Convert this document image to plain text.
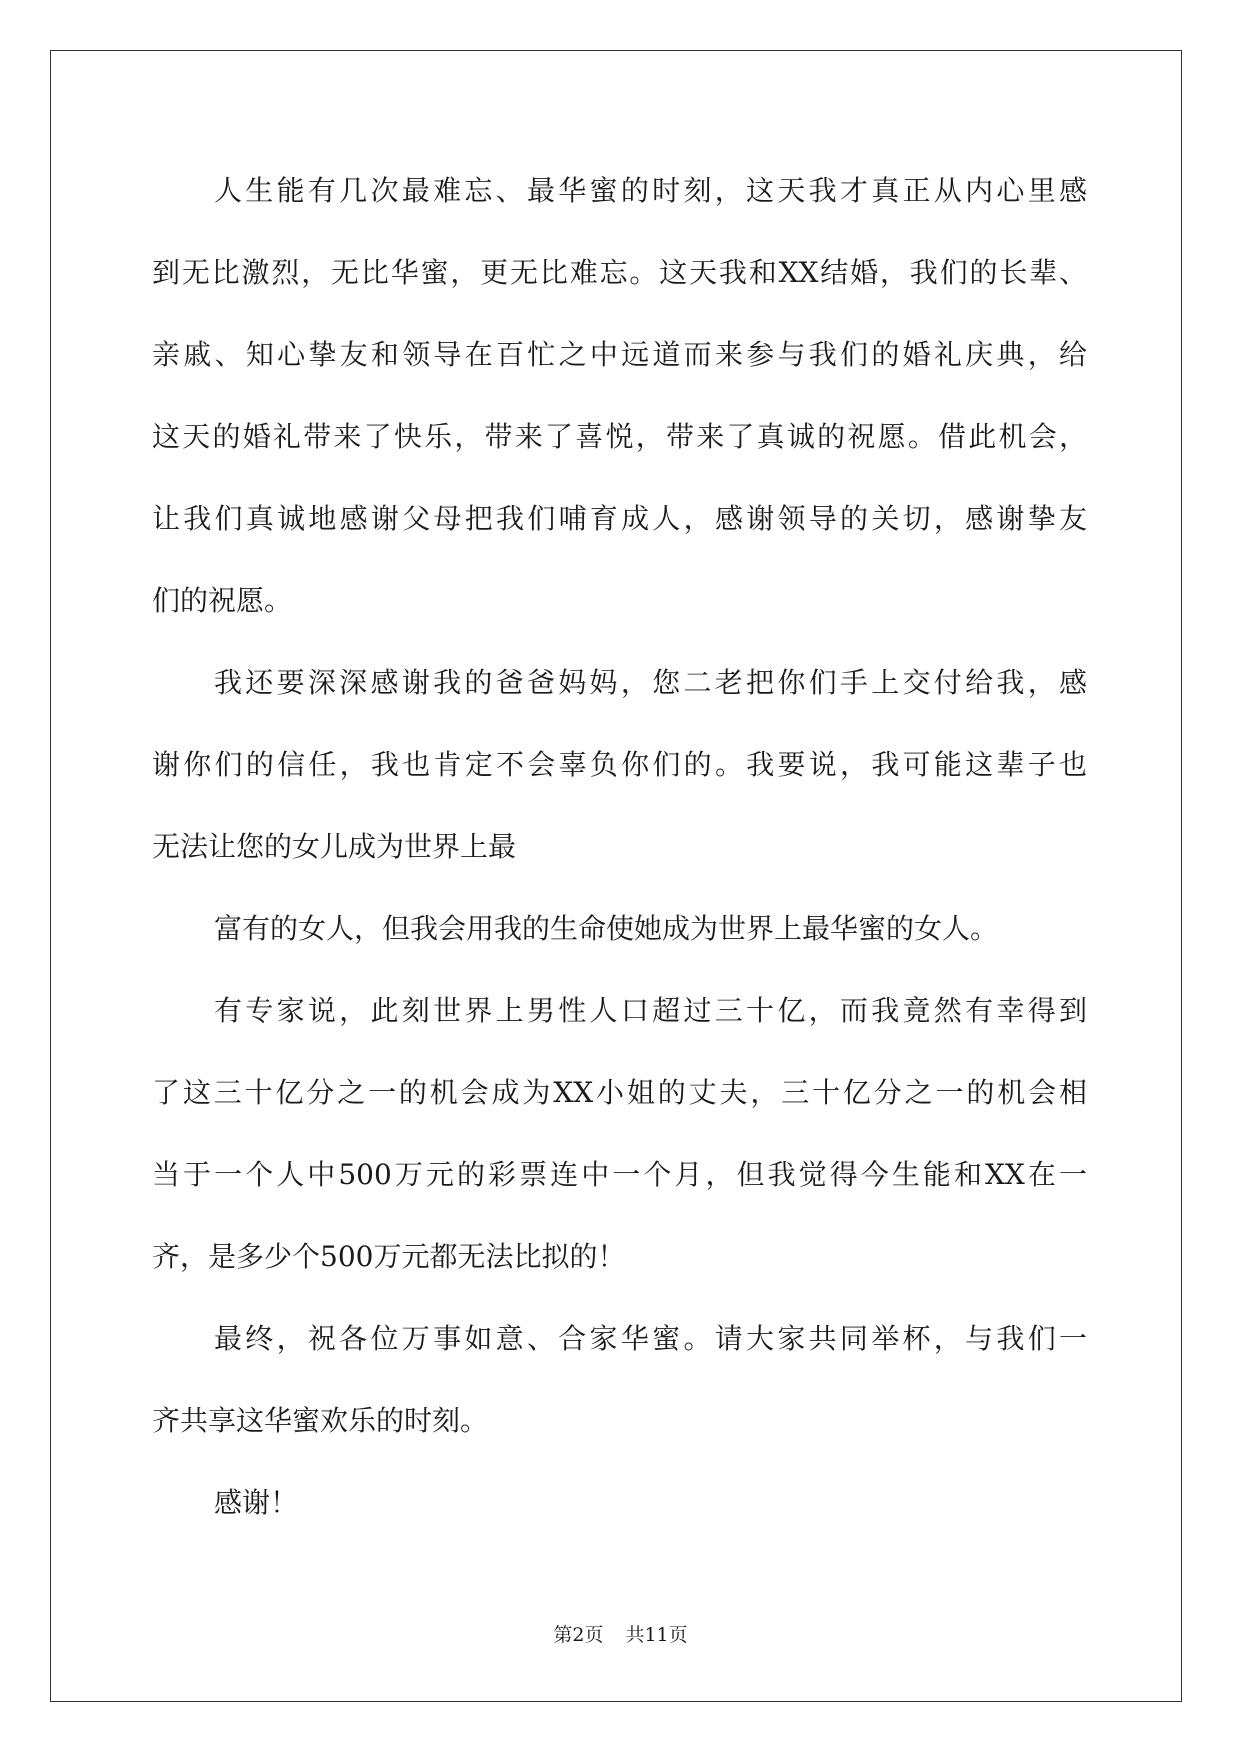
人生能有几次最难忘、最华蜜的时刻，这天我才真正从内心里感
到无比激烈，无比华蜜，更无比难忘。这天我和XX结婚，我们的长辈、
亲戚、知心挚友和领导在百忙之中远道而来参与我们的婚礼庆典，给
这天的婚礼带来了快乐，带来了喜悦，带来了真诚的祝愿。借此机会，
让我们真诚地感谢父母把我们哺育成人，感谢领导的关切，感谢挚友
们的祝愿。
我还要深深感谢我的爸爸妈妈，您二老把你们手上交付给我，感
谢你们的信任，我也肯定不会辜负你们的。我要说，我可能这辈子也
无法让您的女儿成为世界上最
富有的女人，但我会用我的生命使她成为世界上最华蜜的女人。
有专家说，此刻世界上男性人口超过三十亿，而我竟然有幸得到
了这三十亿分之一的机会成为XX小姐的丈夫，三十亿分之一的机会相
当于一个人中500万元的彩票连中一个月，但我觉得今生能和XX在一
齐，是多少个500万元都无法比拟的！
最终，祝各位万事如意、合家华蜜。请大家共同举杯，与我们一
齐共享这华蜜欢乐的时刻。
感谢！
第2页 共11页
